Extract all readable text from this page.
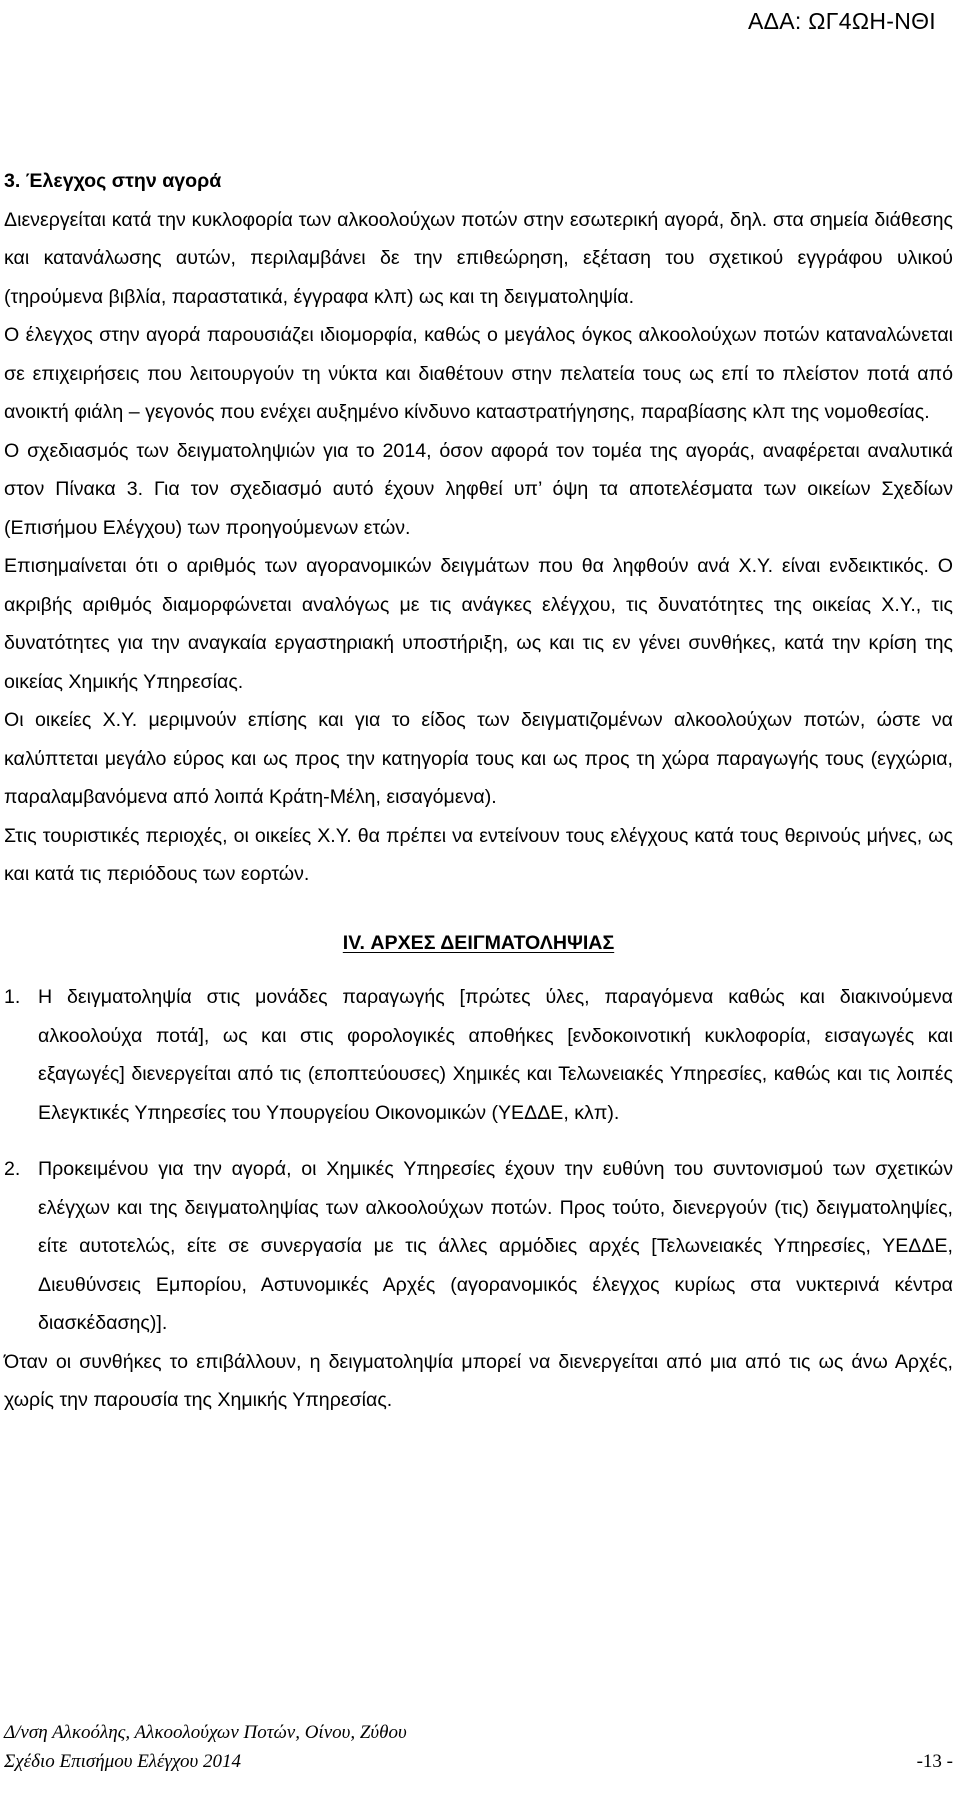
ΑΔΑ: ΩΓ4ΩΗ-ΝΘΙ
3. Έλεγχος στην αγορά

Διενεργείται κατά την κυκλοφορία των αλκοολούχων ποτών στην εσωτερική αγορά, δηλ. στα σημεία διάθεσης και κατανάλωσης αυτών, περιλαμβάνει δε την επιθεώρηση, εξέταση του σχετικού εγγράφου υλικού (τηρούμενα βιβλία, παραστατικά, έγγραφα κλπ) ως και τη δειγματοληψία.

Ο έλεγχος στην αγορά παρουσιάζει ιδιομορφία, καθώς ο μεγάλος όγκος αλκοολούχων ποτών καταναλώνεται σε επιχειρήσεις που λειτουργούν τη νύκτα και διαθέτουν στην πελατεία τους ως επί το πλείστον ποτά από ανοικτή φιάλη – γεγονός που ενέχει αυξημένο κίνδυνο καταστρατήγησης, παραβίασης κλπ της νομοθεσίας.

Ο σχεδιασμός των δειγματοληψιών για το 2014, όσον αφορά τον τομέα της αγοράς, αναφέρεται αναλυτικά στον Πίνακα 3. Για τον σχεδιασμό αυτό έχουν ληφθεί υπ’ όψη τα αποτελέσματα των οικείων Σχεδίων (Επισήμου Ελέγχου) των προηγούμενων ετών.

Επισημαίνεται ότι ο αριθμός των αγορανομικών δειγμάτων που θα ληφθούν ανά Χ.Υ. είναι ενδεικτικός. Ο ακριβής αριθμός διαμορφώνεται αναλόγως με τις ανάγκες ελέγχου, τις δυνατότητες της οικείας Χ.Υ., τις δυνατότητες για την αναγκαία εργαστηριακή υποστήριξη, ως και τις εν γένει συνθήκες, κατά την κρίση της οικείας Χημικής Υπηρεσίας.

Οι οικείες Χ.Υ. μεριμνούν επίσης και για το είδος των δειγματιζομένων αλκοολούχων ποτών, ώστε να καλύπτεται μεγάλο εύρος και ως προς την κατηγορία τους και ως προς τη χώρα παραγωγής τους (εγχώρια, παραλαμβανόμενα από λοιπά Κράτη-Μέλη, εισαγόμενα).

Στις τουριστικές περιοχές, οι οικείες Χ.Υ. θα πρέπει να εντείνουν τους ελέγχους κατά τους θερινούς μήνες, ως και κατά τις περιόδους των εορτών.

IV. ΑΡΧΕΣ ΔΕΙΓΜΑΤΟΛΗΨΙΑΣ
1. Η δειγματοληψία στις μονάδες παραγωγής [πρώτες ύλες, παραγόμενα καθώς και διακινούμενα αλκοολούχα ποτά], ως και στις φορολογικές αποθήκες [ενδοκοινοτική κυκλοφορία, εισαγωγές και εξαγωγές] διενεργείται από τις (εποπτεύουσες) Χημικές και Τελωνειακές Υπηρεσίες, καθώς και τις λοιπές Ελεγκτικές Υπηρεσίες του Υπουργείου Οικονομικών (ΥΕΔΔΕ, κλπ).
2. Προκειμένου για την αγορά, οι Χημικές Υπηρεσίες έχουν την ευθύνη του συντονισμού των σχετικών ελέγχων και της δειγματοληψίας των αλκοολούχων ποτών. Προς τούτο, διενεργούν (τις) δειγματοληψίες, είτε αυτοτελώς, είτε σε συνεργασία με τις άλλες αρμόδιες αρχές [Τελωνειακές Υπηρεσίες, ΥΕΔΔΕ, Διευθύνσεις Εμπορίου, Αστυνομικές Αρχές (αγορανομικός έλεγχος κυρίως στα νυκτερινά κέντρα διασκέδασης)].

Όταν οι συνθήκες το επιβάλλουν, η δειγματοληψία μπορεί να διενεργείται από μια από τις ως άνω Αρχές, χωρίς την παρουσία της Χημικής Υπηρεσίας.

Δ/νση Αλκοόλης, Αλκοολούχων Ποτών, Οίνου, Ζύθου
Σχέδιο Επισήμου Ελέγχου 2014	-13 -
